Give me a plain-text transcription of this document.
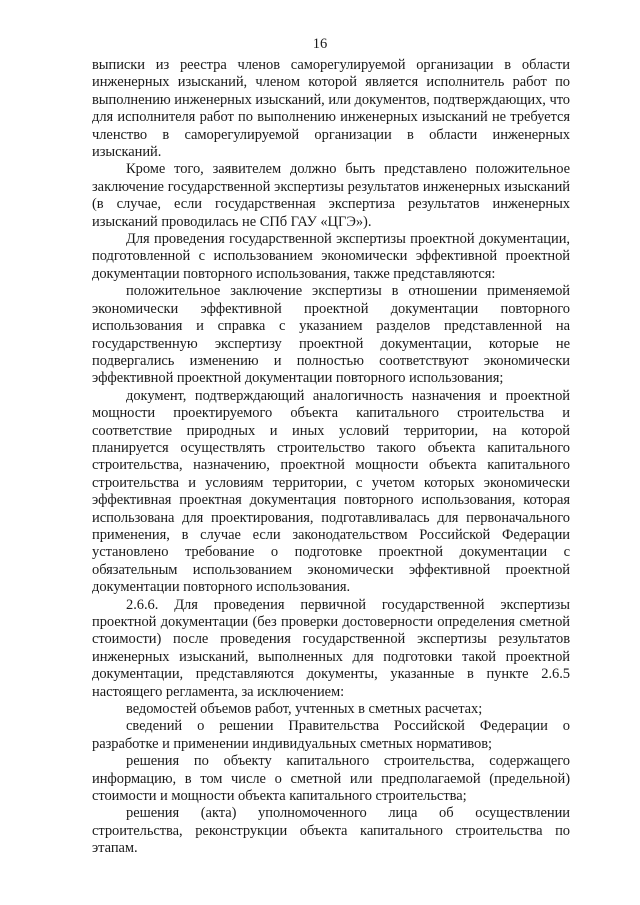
16

выписки из реестра членов саморегулируемой организации в области инженерных изысканий, членом которой является исполнитель работ по выполнению инженерных изысканий, или документов, подтверждающих, что для исполнителя работ по выполнению инженерных изысканий не требуется членство в саморегулируемой организации в области инженерных изысканий.

Кроме того, заявителем должно быть представлено положительное заключение государственной экспертизы результатов инженерных изысканий (в случае, если государственная экспертиза результатов инженерных изысканий проводилась не СПб ГАУ «ЦГЭ»).

Для проведения государственной экспертизы проектной документации, подготовленной с использованием экономически эффективной проектной документации повторного использования, также представляются:

положительное заключение экспертизы в отношении применяемой экономически эффективной проектной документации повторного использования и справка с указанием разделов представленной на государственную экспертизу проектной документации, которые не подвергались изменению и полностью соответствуют экономически эффективной проектной документации повторного использования;

документ, подтверждающий аналогичность назначения и проектной мощности проектируемого объекта капитального строительства и соответствие природных и иных условий территории, на которой планируется осуществлять строительство такого объекта капитального строительства, назначению, проектной мощности объекта капитального строительства и условиям территории, с учетом которых экономически эффективная проектная документация повторного использования, которая использована для проектирования, подготавливалась для первоначального применения, в случае если законодательством Российской Федерации установлено требование о подготовке проектной документации с обязательным использованием экономически эффективной проектной документации повторного использования.

2.6.6. Для проведения первичной государственной экспертизы проектной документации (без проверки достоверности определения сметной стоимости) после проведения государственной экспертизы результатов инженерных изысканий, выполненных для подготовки такой проектной документации, представляются документы, указанные в пункте 2.6.5 настоящего регламента, за исключением:

ведомостей объемов работ, учтенных в сметных расчетах;

сведений о решении Правительства Российской Федерации о разработке и применении индивидуальных сметных нормативов;

решения по объекту капитального строительства, содержащего информацию, в том числе о сметной или предполагаемой (предельной) стоимости и мощности объекта капитального строительства;

решения (акта) уполномоченного лица об осуществлении строительства, реконструкции объекта капитального строительства по этапам.
